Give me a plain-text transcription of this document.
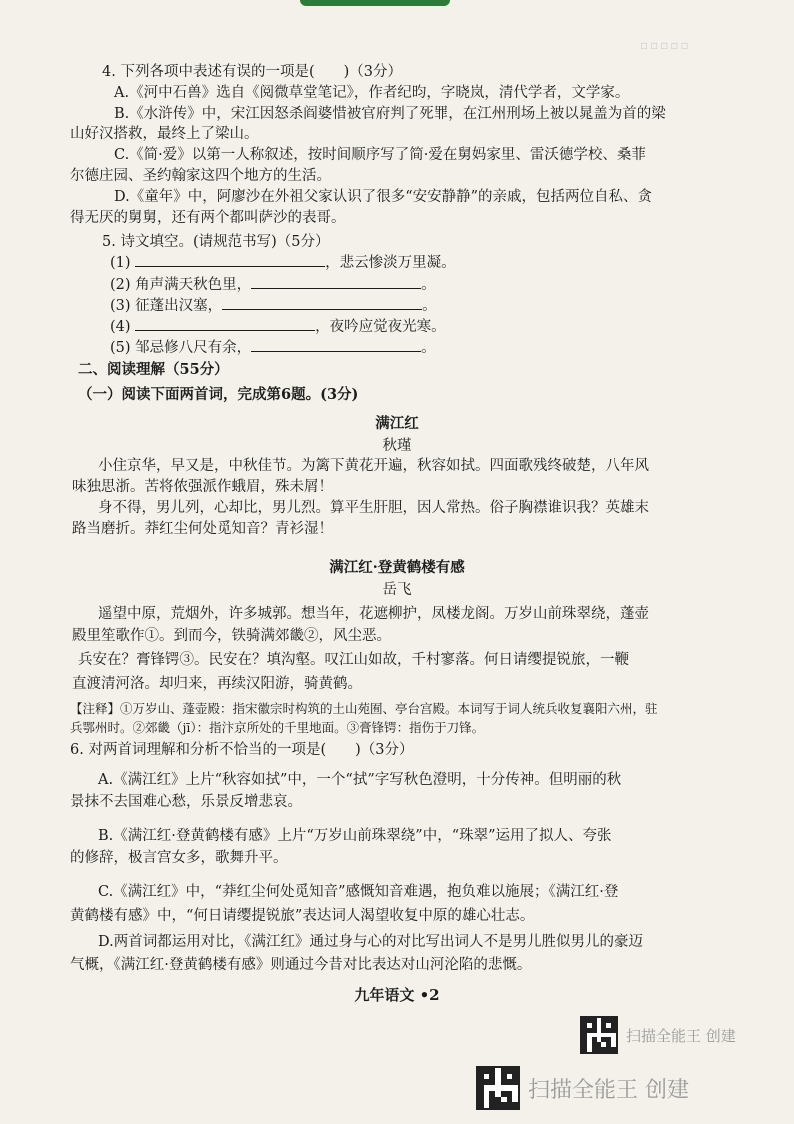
▫▫▫▫▫
4. 下列各项中表述有误的一项是(　　)（3分）
A.《河中石兽》选自《阅微草堂笔记》，作者纪昀，字晓岚，清代学者，文学家。
B.《水浒传》中，宋江因怒杀阎婆惜被官府判了死罪，在江州刑场上被以晁盖为首的梁
山好汉搭救，最终上了梁山。
C.《简·爱》以第一人称叙述，按时间顺序写了简·爱在舅妈家里、雷沃德学校、桑菲
尔德庄园、圣约翰家这四个地方的生活。
D.《童年》中，阿廖沙在外祖父家认识了很多“安安静静”的亲戚，包括两位自私、贪
得无厌的舅舅，还有两个都叫萨沙的表哥。
5. 诗文填空。(请规范书写)（5分）
(1)	，悲云惨淡万里凝。
(2) 角声满天秋色里，	。
(3) 征蓬出汉塞，	。
(4)	，夜吟应觉夜光寒。
(5) 邹忌修八尺有余，	。
二、阅读理解（55分）
（一）阅读下面两首词，完成第6题。(3分)
满江红
秋瑾
小住京华，早又是，中秋佳节。为篱下黄花开遍，秋容如拭。四面歌残终破楚，八年风
味独思浙。苦将侬强派作蛾眉，殊未屑！
身不得，男儿列，心却比，男儿烈。算平生肝胆，因人常热。俗子胸襟谁识我？英雄末
路当磨折。莽红尘何处觅知音？青衫湿！
满江红·登黄鹤楼有感
岳飞
遥望中原，荒烟外，许多城郭。想当年，花遮柳护，凤楼龙阁。万岁山前珠翠绕，蓬壶
殿里笙歌作①。到而今，铁骑满郊畿②，风尘恶。
兵安在？膏锋锷③。民安在？填沟壑。叹江山如故，千村寥落。何日请缨提锐旅，一鞭
直渡清河洛。却归来，再续汉阳游，骑黄鹤。
【注释】①万岁山、蓬壶殿：指宋徽宗时构筑的土山苑囿、亭台宫殿。本词写于词人统兵收复襄阳六州，驻
兵鄂州时。②郊畿（jī）：指汴京所处的千里地面。③膏锋锷：指伤于刀锋。
6. 对两首词理解和分析不恰当的一项是(　　)（3分）
A.《满江红》上片“秋容如拭”中，一个“拭”字写秋色澄明，十分传神。但明丽的秋
景抹不去国难心愁，乐景反增悲哀。
B.《满江红·登黄鹤楼有感》上片“万岁山前珠翠绕”中，“珠翠”运用了拟人、夸张
的修辞，极言宫女多，歌舞升平。
C.《满江红》中，“莽红尘何处觅知音”感慨知音难遇，抱负难以施展；《满江红·登
黄鹤楼有感》中，“何日请缨提锐旅”表达词人渴望收复中原的雄心壮志。
D.两首词都运用对比，《满江红》通过身与心的对比写出词人不是男儿胜似男儿的豪迈
气概，《满江红·登黄鹤楼有感》则通过今昔对比表达对山河沦陷的悲慨。
九年语文 •2
扫描全能王 创建
扫描全能王 创建
